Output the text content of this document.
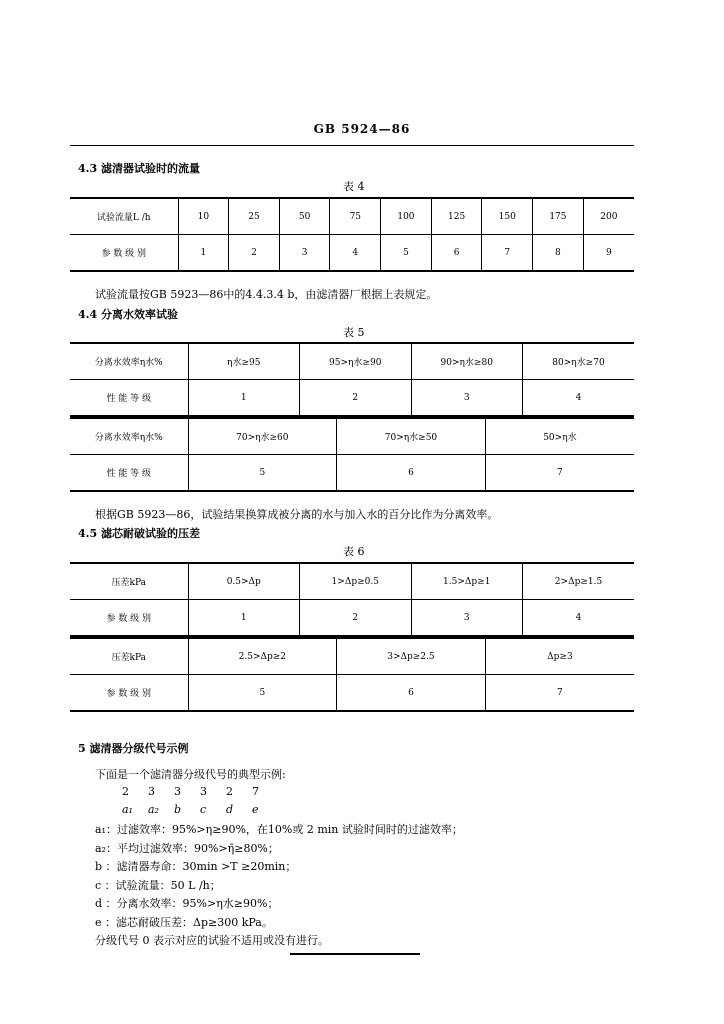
GB 5924—86
4.3 滤清器试验时的流量
表 4
试验流量L /h	10	25	50	75	100	125	150	175	200
参 数 级 别	1	2	3	4	5	6	7	8	9
试验流量按GB 5923—86中的4.4.3.4 b，由滤清器厂根据上表规定。
4.4 分离水效率试验
表 5
分离水效率η水%	η水≥95	95>η水≥90	90>η水≥80	80>η水≥70
性 能 等 级	1	2	3	4
分离水效率η水%	70>η水≥60	70>η水≥50	50>η水
性 能 等 级	5	6	7
根据GB 5923—86，试验结果换算成被分离的水与加入水的百分比作为分离效率。
4.5 滤芯耐破试验的压差
表 6
压差kPa	0.5>Δp	1>Δp≥0.5	1.5>Δp≥1	2>Δp≥1.5
参 数 级 别	1	2	3	4
压差kPa	2.5>Δp≥2	3>Δp≥2.5	Δp≥3
参 数 级 别	5	6	7
5 滤清器分级代号示例
下面是一个滤清器分级代号的典型示例:
2 3 3 3 2 7
a₁ a₂ b c d e
a₁：过滤效率：95%>η≥90%，在10%或 2 min 试验时间时的过滤效率；
a₂：平均过滤效率：90%>η̄≥80%；
b ：滤清器寿命：30min >T ≥20min；
c ：试验流量：50 L /h；
d ：分离水效率：95%>η水≥90%；
e ：滤芯耐破压差：Δp≥300 kPa。
分级代号 0 表示对应的试验不适用或没有进行。
